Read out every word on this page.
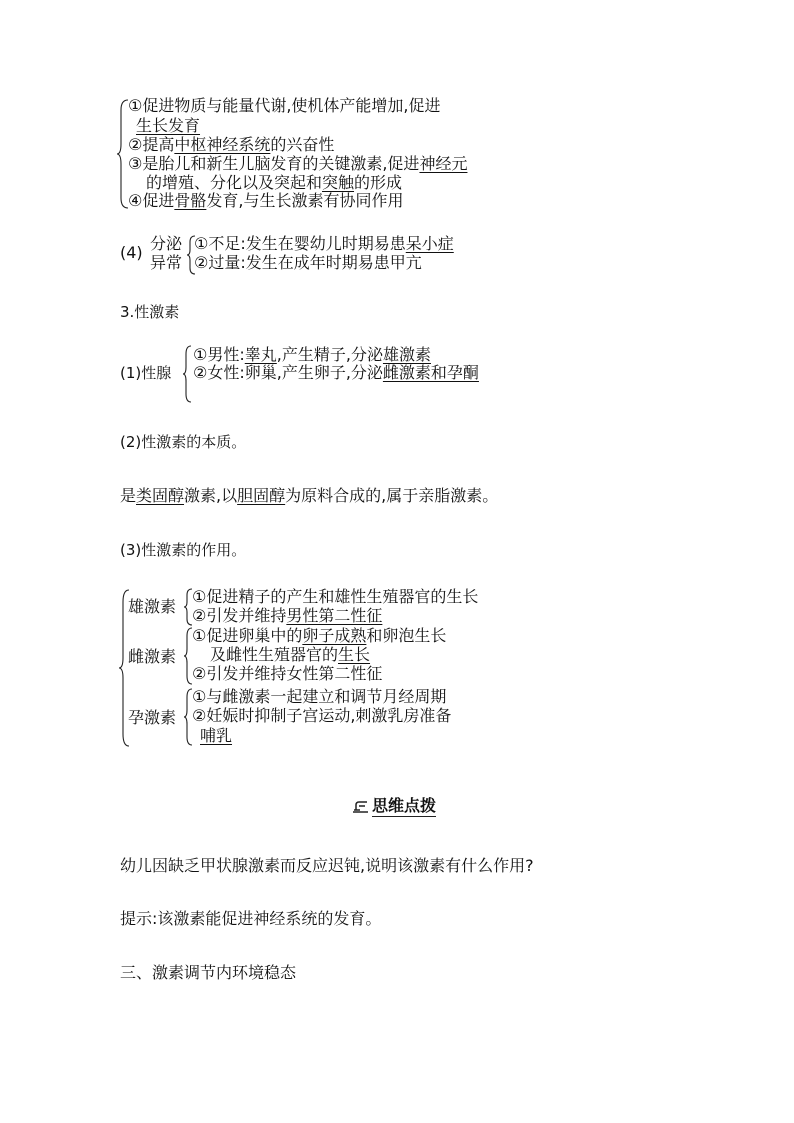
①促进物质与能量代谢,使机体产能增加,促进
生长发育
②提高中枢神经系统的兴奋性
③是胎儿和新生儿脑发育的关键激素,促进神经元
的增殖、分化以及突起和突触的形成
④促进骨骼发育,与生长激素有协同作用
(4) 分泌
异常
①不足:发生在婴幼儿时期易患呆小症
②过量:发生在成年时期易患甲亢
3.性激素
(1)性腺
①男性:睾丸,产生精子,分泌雄激素
②女性:卵巢,产生卵子,分泌雌激素和孕酮
(2)性激素的本质。
是类固醇激素,以胆固醇为原料合成的,属于亲脂激素。
(3)性激素的作用。
雄激素
①促进精子的产生和雄性生殖器官的生长
②引发并维持男性第二性征
雌激素
①促进卵巢中的卵子成熟和卵泡生长
及雌性生殖器官的生长
②引发并维持女性第二性征
孕激素
①与雌激素一起建立和调节月经周期
②妊娠时抑制子宫运动,刺激乳房准备
哺乳
思维点拨
幼儿因缺乏甲状腺激素而反应迟钝,说明该激素有什么作用?
提示:该激素能促进神经系统的发育。
三、激素调节内环境稳态
